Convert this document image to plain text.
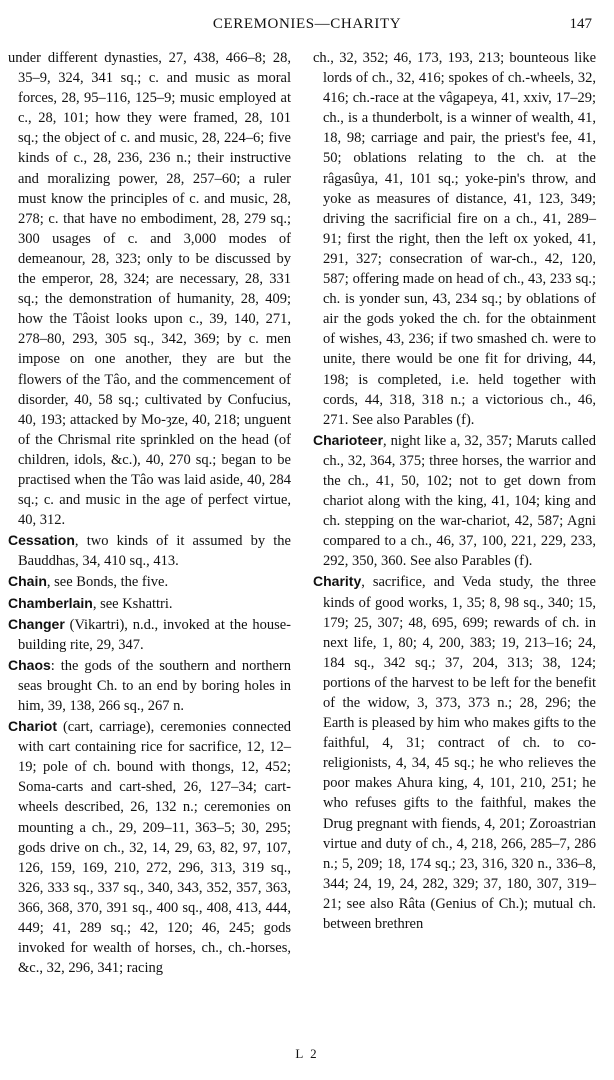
CEREMONIES—CHARITY	147

under different dynasties, 27, 438, 466–8; 28, 35–9, 324, 341 sq.; c. and music as moral forces, 28, 95–116, 125–9; music employed at c., 28, 101; how they were framed, 28, 101 sq.; the object of c. and music, 28, 224–6; five kinds of c., 28, 236, 236 n.; their instructive and moralizing power, 28, 257–60; a ruler must know the principles of c. and music, 28, 278; c. that have no embodiment, 28, 279 sq.; 300 usages of c. and 3,000 modes of demeanour, 28, 323; only to be discussed by the emperor, 28, 324; are necessary, 28, 331 sq.; the demonstration of humanity, 28, 409; how the Tâoist looks upon c., 39, 140, 271, 278–80, 293, 305 sq., 342, 369; by c. men impose on one another, they are but the flowers of the Tâo, and the commencement of disorder, 40, 58 sq.; cultivated by Confucius, 40, 193; attacked by Mo-ȝze, 40, 218; unguent of the Chrismal rite sprinkled on the head (of children, idols, &c.), 40, 270 sq.; began to be practised when the Tâo was laid aside, 40, 284 sq.; c. and music in the age of perfect virtue, 40, 312.

Cessation, two kinds of it assumed by the Bauddhas, 34, 410 sq., 413.

Chain, see Bonds, the five.

Chamberlain, see Kshattri.

Changer (Vikartri), n.d., invoked at the house-building rite, 29, 347.

Chaos: the gods of the southern and northern seas brought Ch. to an end by boring holes in him, 39, 138, 266 sq., 267 n.

Chariot (cart, carriage), ceremonies connected with cart containing rice for sacrifice, 12, 12–19; pole of ch. bound with thongs, 12, 452; Soma-carts and cart-shed, 26, 127–34; cart-wheels described, 26, 132 n.; ceremonies on mounting a ch., 29, 209–11, 363–5; 30, 295; gods drive on ch., 32, 14, 29, 63, 82, 97, 107, 126, 159, 169, 210, 272, 296, 313, 319 sq., 326, 333 sq., 337 sq., 340, 343, 352, 357, 363, 366, 368, 370, 391 sq., 400 sq., 408, 413, 444, 449; 41, 289 sq.; 42, 120; 46, 245; gods invoked for wealth of horses, ch., ch.-horses, &c., 32, 296, 341; racing

ch., 32, 352; 46, 173, 193, 213; bounteous like lords of ch., 32, 416; spokes of ch.-wheels, 32, 416; ch.-race at the vâgapeya, 41, xxiv, 17–29; ch., is a thunderbolt, is a winner of wealth, 41, 18, 98; carriage and pair, the priest's fee, 41, 50; oblations relating to the ch. at the râgasûya, 41, 101 sq.; yoke-pin's throw, and yoke as measures of distance, 41, 123, 349; driving the sacrificial fire on a ch., 41, 289–91; first the right, then the left ox yoked, 41, 291, 327; consecration of war-ch., 42, 120, 587; offering made on head of ch., 43, 233 sq.; ch. is yonder sun, 43, 234 sq.; by oblations of air the gods yoked the ch. for the obtainment of wishes, 43, 236; if two smashed ch. were to unite, there would be one fit for driving, 44, 198; is completed, i.e. held together with cords, 44, 318, 318 n.; a victorious ch., 46, 271. See also Parables (f).

Charioteer, night like a, 32, 357; Maruts called ch., 32, 364, 375; three horses, the warrior and the ch., 41, 50, 102; not to get down from chariot along with the king, 41, 104; king and ch. stepping on the war-chariot, 42, 587; Agni compared to a ch., 46, 37, 100, 221, 229, 233, 292, 350, 360. See also Parables (f).

Charity, sacrifice, and Veda study, the three kinds of good works, 1, 35; 8, 98 sq., 340; 15, 179; 25, 307; 48, 695, 699; rewards of ch. in next life, 1, 80; 4, 200, 383; 19, 213–16; 24, 184 sq., 342 sq.; 37, 204, 313; 38, 124; portions of the harvest to be left for the benefit of the widow, 3, 373, 373 n.; 28, 296; the Earth is pleased by him who makes gifts to the faithful, 4, 31; contract of ch. to co-religionists, 4, 34, 45 sq.; he who relieves the poor makes Ahura king, 4, 101, 210, 251; he who refuses gifts to the faithful, makes the Drug pregnant with fiends, 4, 201; Zoroastrian virtue and duty of ch., 4, 218, 266, 285–7, 286 n.; 5, 209; 18, 174 sq.; 23, 316, 320 n., 336–8, 344; 24, 19, 24, 282, 329; 37, 180, 307, 319–21; see also Râta (Genius of Ch.); mutual ch. between brethren

L 2
